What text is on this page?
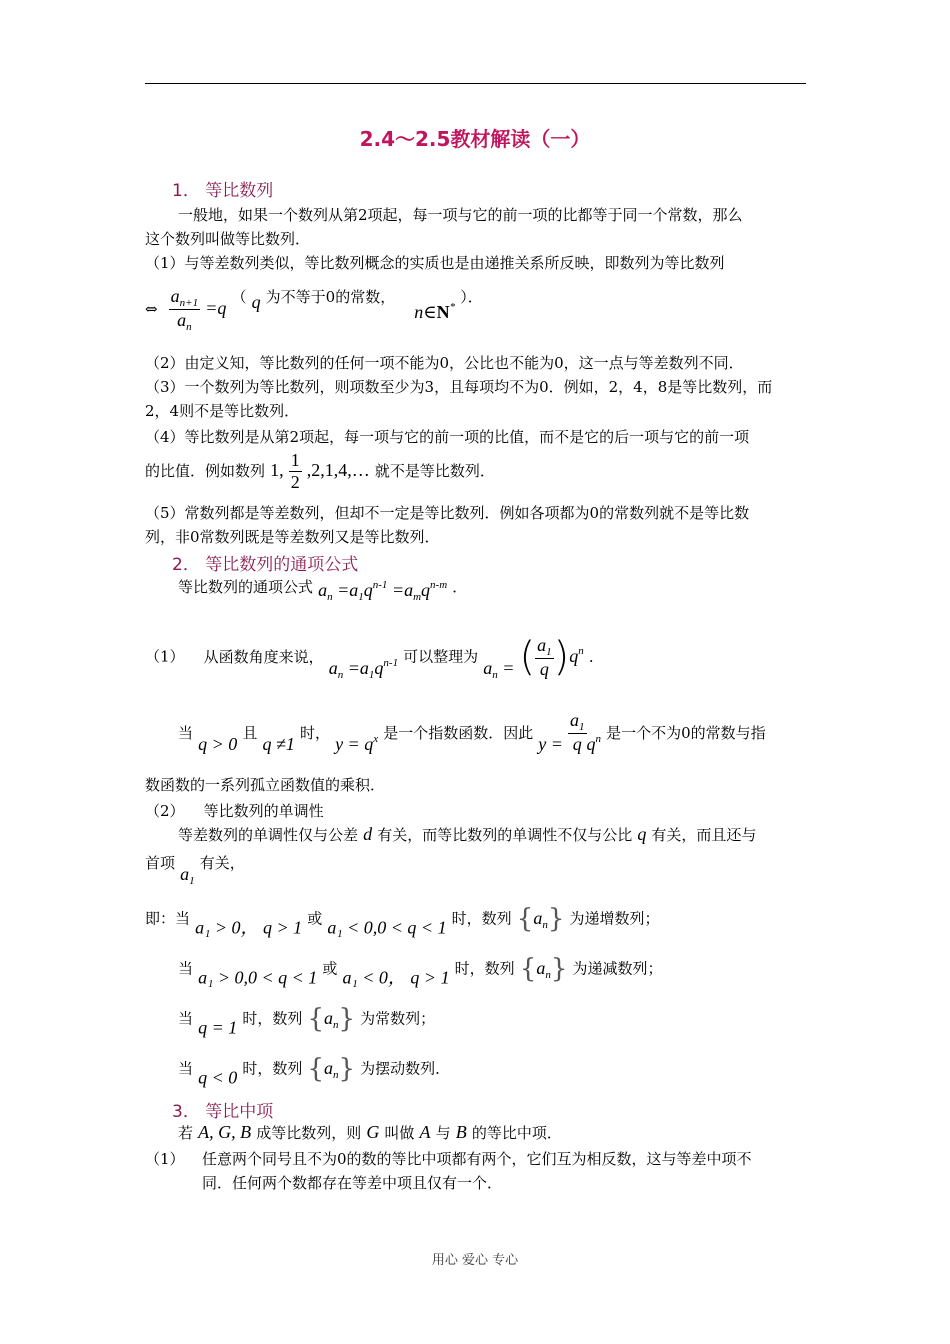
2.4～2.5教材解读（一）
1． 等比数列
一般地，如果一个数列从第2项起，每一项与它的前一项的比都等于同一个常数，那么
这个数列叫做等比数列．
（1）与等差数列类似，等比数列概念的实质也是由递推关系所反映，即数列为等比数列
⇔ $\frac{a_{n+1}}{a_n} =q$ （ q 为不等于0的常数， n∈N* ）．
（2）由定义知，等比数列的任何一项不能为0，公比也不能为0，这一点与等差数列不同．
（3）一个数列为等比数列，则项数至少为3，且每项均不为0．例如，2，4，8是等比数列，而
2，4则不是等比数列．
（4）等比数列是从第2项起，每一项与它的前一项的比值，而不是它的后一项与它的前一项
的比值．例如数列 1, $\frac{1}{2}$ ,2,1,4,… 就不是等比数列．
（5）常数列都是等差数列，但却不一定是等比数列．例如各项都为0的常数列就不是等比数
列，非0常数列既是等差数列又是等比数列．
2． 等比数列的通项公式
等比数列的通项公式 $a_n =a_1q^{n-1} =a_mq^{n-m}$ ．
（1） 从函数角度来说， $a_n =a_1q^{n-1}$ 可以整理为 $a_n$ = ( $\frac{a_1}{q} )q^n$ ．
当 q > 0 且 q ≠1 时， $y = q^x$ 是一个指数函数．因此 $y = \frac{a_1}{q} q^n$ 是一个不为0的常数与指
数函数的一系列孤立函数值的乘积．
（2） 等比数列的单调性
等差数列的单调性仅与公差 d 有关，而等比数列的单调性不仅与公比 q 有关，而且还与
首项 $a_1$ 有关，
即：当 a₁ > 0， q > 1 或 a₁ < 0,0 < q < 1 时，数列 $\{a_n\}$ 为递增数列；
当 a₁ > 0,0 < q < 1 或 a₁ < 0， q > 1 时，数列 $\{a_n\}$ 为递减数列；
当 q = 1 时，数列 $\{a_n\}$ 为常数列；
当 q < 0 时，数列 $\{a_n\}$ 为摆动数列．
3． 等比中项
若 A, G, B 成等比数列，则 G 叫做 A 与 B 的等比中项．
（1） 任意两个同号且不为0的数的等比中项都有两个，它们互为相反数，这与等差中项不
同．任何两个数都存在等差中项且仅有一个．
用心 爱心 专心
